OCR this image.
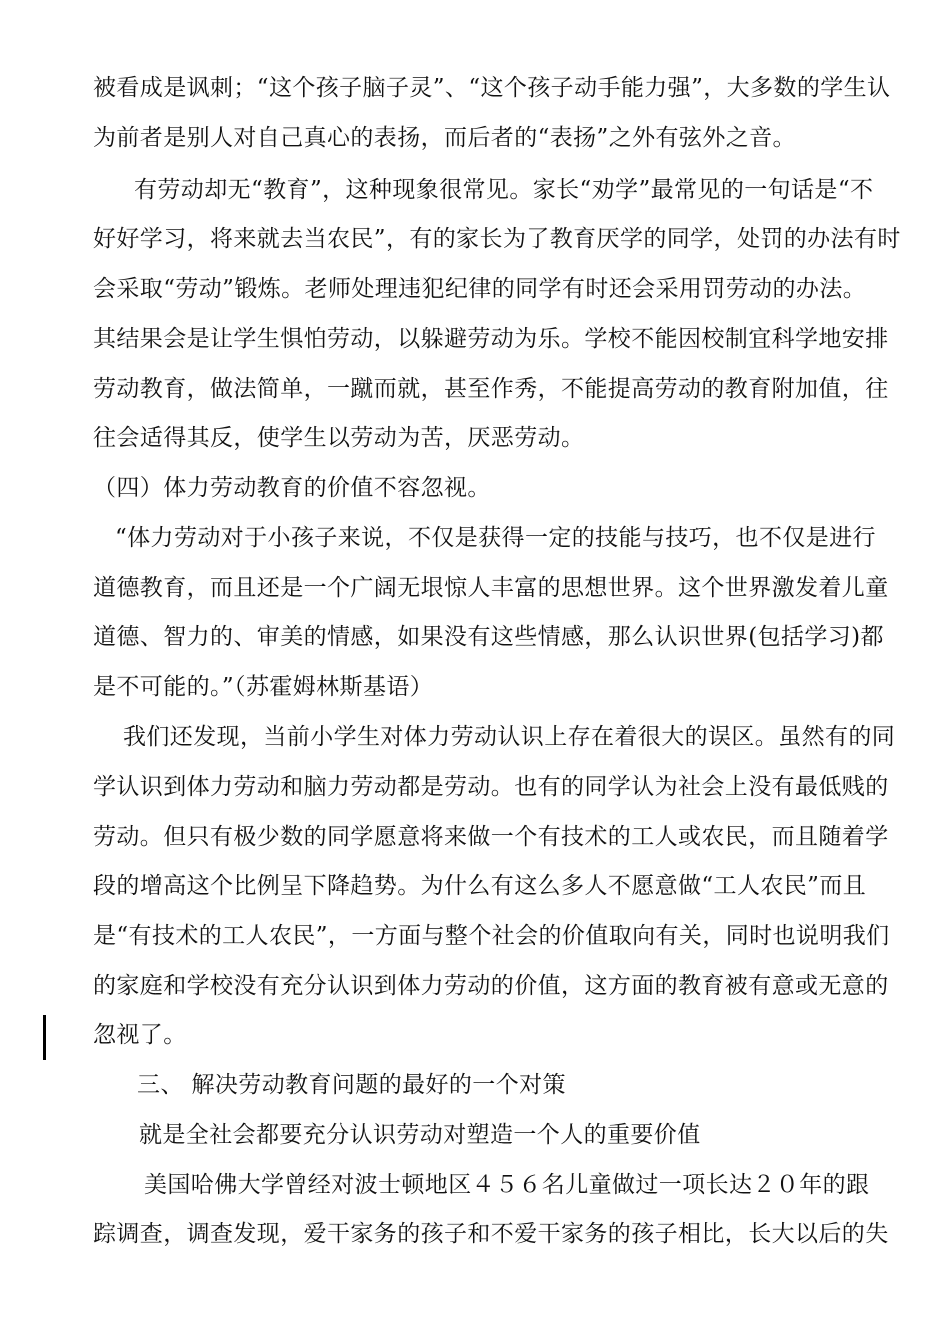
被看成是讽刺；“这个孩子脑子灵”、“这个孩子动手能力强”，大多数的学生认
为前者是别人对自己真心的表扬，而后者的“表扬”之外有弦外之音。
有劳动却无“教育”，这种现象很常见。家长“劝学”最常见的一句话是“不
好好学习，将来就去当农民”，有的家长为了教育厌学的同学，处罚的办法有时
会采取“劳动”锻炼。老师处理违犯纪律的同学有时还会采用罚劳动的办法。
其结果会是让学生惧怕劳动，以躲避劳动为乐。学校不能因校制宜科学地安排
劳动教育，做法简单，一蹴而就，甚至作秀，不能提高劳动的教育附加值，往
往会适得其反，使学生以劳动为苦，厌恶劳动。
（四）体力劳动教育的价值不容忽视。
“体力劳动对于小孩子来说，不仅是获得一定的技能与技巧，也不仅是进行
道德教育，而且还是一个广阔无垠惊人丰富的思想世界。这个世界激发着儿童
道德、智力的、审美的情感，如果没有这些情感，那么认识世界(包括学习)都
是不可能的。”（苏霍姆林斯基语）
我们还发现，当前小学生对体力劳动认识上存在着很大的误区。虽然有的同
学认识到体力劳动和脑力劳动都是劳动。也有的同学认为社会上没有最低贱的
劳动。但只有极少数的同学愿意将来做一个有技术的工人或农民，而且随着学
段的增高这个比例呈下降趋势。为什么有这么多人不愿意做“工人农民”而且
是“有技术的工人农民”，一方面与整个社会的价值取向有关，同时也说明我们
的家庭和学校没有充分认识到体力劳动的价值，这方面的教育被有意或无意的
忽视了。
三、 解决劳动教育问题的最好的一个对策
就是全社会都要充分认识劳动对塑造一个人的重要价值
美国哈佛大学曾经对波士顿地区４５６名儿童做过一项长达２０年的跟
踪调查，调查发现，爱干家务的孩子和不爱干家务的孩子相比，长大以后的失
